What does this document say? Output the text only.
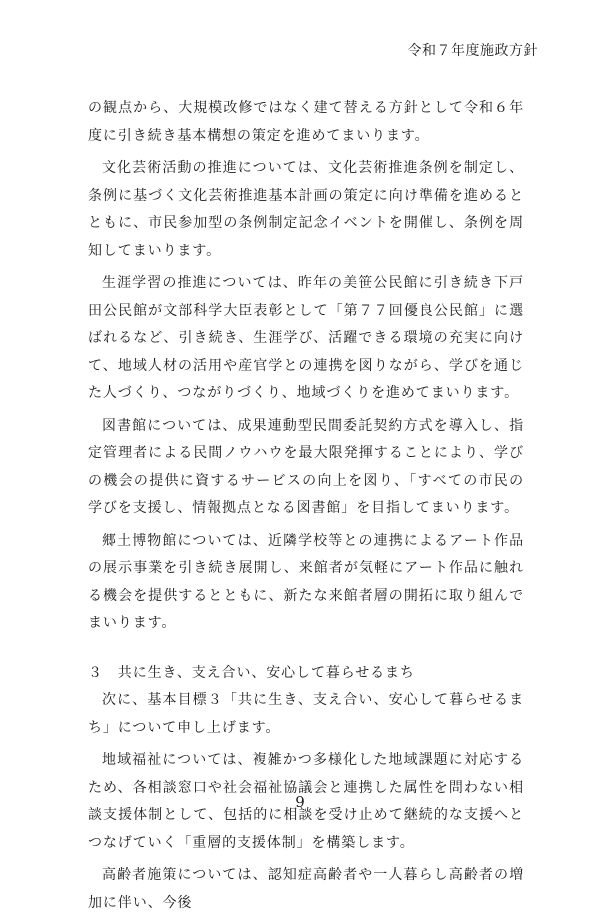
令和７年度施政方針

の観点から、大規模改修ではなく建て替える方針として令和６年度に引き続き基本構想の策定を進めてまいります。

文化芸術活動の推進については、文化芸術推進条例を制定し、条例に基づく文化芸術推進基本計画の策定に向け準備を進めるとともに、市民参加型の条例制定記念イベントを開催し、条例を周知してまいります。

生涯学習の推進については、昨年の美笹公民館に引き続き下戸田公民館が文部科学大臣表彰として「第７７回優良公民館」に選ばれるなど、引き続き、生涯学び、活躍できる環境の充実に向けて、地域人材の活用や産官学との連携を図りながら、学びを通じた人づくり、つながりづくり、地域づくりを進めてまいります。

図書館については、成果連動型民間委託契約方式を導入し、指定管理者による民間ノウハウを最大限発揮することにより、学びの機会の提供に資するサービスの向上を図り、「すべての市民の学びを支援し、情報拠点となる図書館」を目指してまいります。

郷土博物館については、近隣学校等との連携によるアート作品の展示事業を引き続き展開し、来館者が気軽にアート作品に触れる機会を提供するとともに、新たな来館者層の開拓に取り組んでまいります。

３　共に生き、支え合い、安心して暮らせるまち

次に、基本目標３「共に生き、支え合い、安心して暮らせるまち」について申し上げます。

地域福祉については、複雑かつ多様化した地域課題に対応するため、各相談窓口や社会福祉協議会と連携した属性を問わない相談支援体制として、包括的に相談を受け止めて継続的な支援へとつなげていく「重層的支援体制」を構築します。

高齢者施策については、認知症高齢者や一人暮らし高齢者の増加に伴い、今後

9
